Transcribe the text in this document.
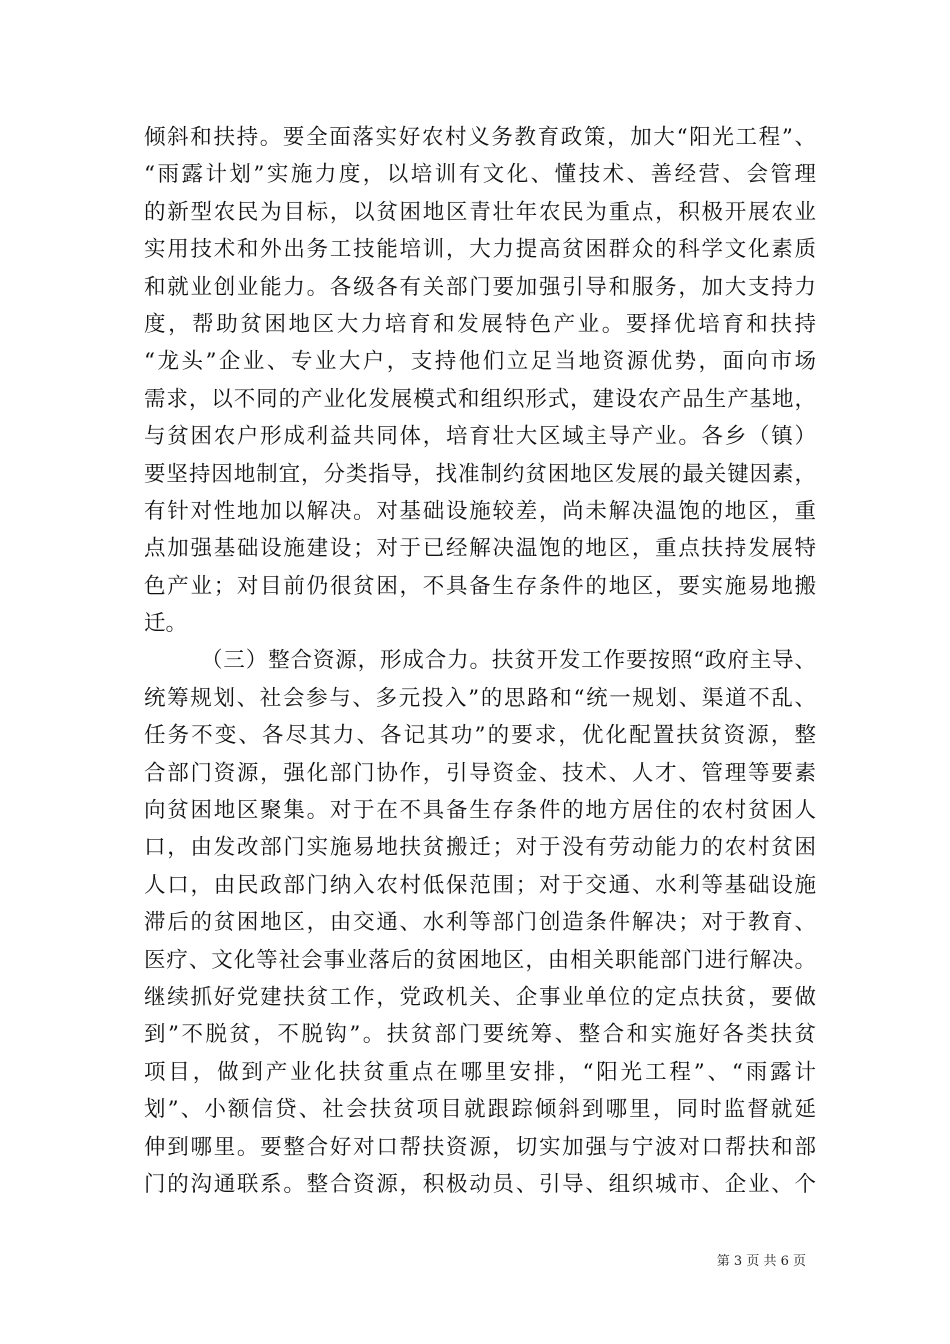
倾斜和扶持。要全面落实好农村义务教育政策，加大“阳光工程”、
“雨露计划”实施力度，以培训有文化、懂技术、善经营、会管理
的新型农民为目标，以贫困地区青壮年农民为重点，积极开展农业
实用技术和外出务工技能培训，大力提高贫困群众的科学文化素质
和就业创业能力。各级各有关部门要加强引导和服务，加大支持力
度，帮助贫困地区大力培育和发展特色产业。要择优培育和扶持
“龙头”企业、专业大户，支持他们立足当地资源优势，面向市场
需求，以不同的产业化发展模式和组织形式，建设农产品生产基地，
与贫困农户形成利益共同体，培育壮大区域主导产业。各乡（镇）
要坚持因地制宜，分类指导，找准制约贫困地区发展的最关键因素，
有针对性地加以解决。对基础设施较差，尚未解决温饱的地区，重
点加强基础设施建设；对于已经解决温饱的地区，重点扶持发展特
色产业；对目前仍很贫困，不具备生存条件的地区，要实施易地搬
迁。
（三）整合资源，形成合力。扶贫开发工作要按照“政府主导、
统筹规划、社会参与、多元投入”的思路和“统一规划、渠道不乱、
任务不变、各尽其力、各记其功”的要求，优化配置扶贫资源，整
合部门资源，强化部门协作，引导资金、技术、人才、管理等要素
向贫困地区聚集。对于在不具备生存条件的地方居住的农村贫困人
口，由发改部门实施易地扶贫搬迁；对于没有劳动能力的农村贫困
人口，由民政部门纳入农村低保范围；对于交通、水利等基础设施
滞后的贫困地区，由交通、水利等部门创造条件解决；对于教育、
医疗、文化等社会事业落后的贫困地区，由相关职能部门进行解决。
继续抓好党建扶贫工作，党政机关、企事业单位的定点扶贫，要做
到”不脱贫，不脱钩”。扶贫部门要统筹、整合和实施好各类扶贫
项目，做到产业化扶贫重点在哪里安排，“阳光工程”、“雨露计
划”、小额信贷、社会扶贫项目就跟踪倾斜到哪里，同时监督就延
伸到哪里。要整合好对口帮扶资源，切实加强与宁波对口帮扶和部
门的沟通联系。整合资源，积极动员、引导、组织城市、企业、个
第 3 页 共 6 页
